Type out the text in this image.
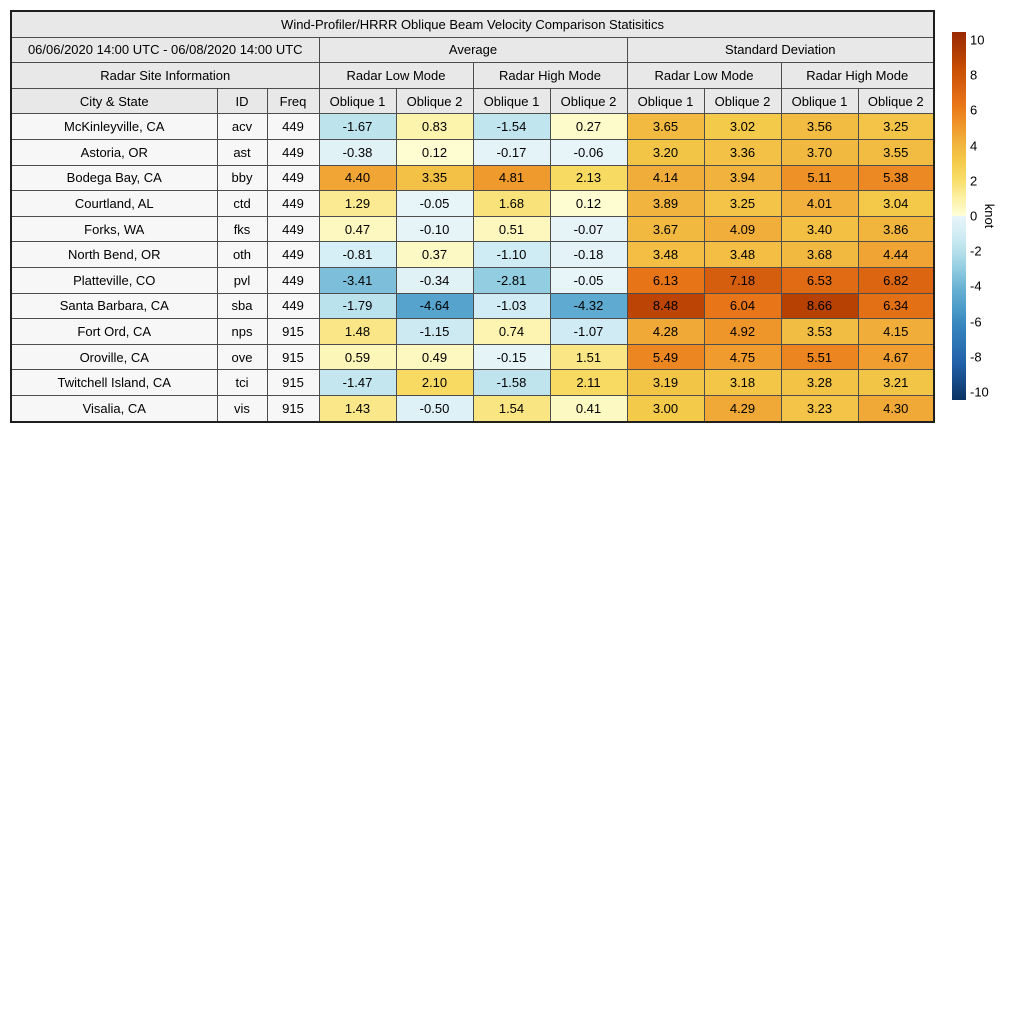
Wind-Profiler/HRRR Oblique Beam Velocity Comparison Statisitics										
06/06/2020 14:00 UTC - 06/08/2020 14:00 UTC			Average				Standard Deviation			
Radar Site Information			Radar Low Mode		Radar High Mode		Radar Low Mode		Radar High Mode	
City & State	ID	Freq	Oblique 1	Oblique 2	Oblique 1	Oblique 2	Oblique 1	Oblique 2	Oblique 1	Oblique 2
McKinleyville, CA	acv	449	-1.67	0.83	-1.54	0.27	3.65	3.02	3.56	3.25
Astoria, OR	ast	449	-0.38	0.12	-0.17	-0.06	3.20	3.36	3.70	3.55
Bodega Bay, CA	bby	449	4.40	3.35	4.81	2.13	4.14	3.94	5.11	5.38
Courtland, AL	ctd	449	1.29	-0.05	1.68	0.12	3.89	3.25	4.01	3.04
Forks, WA	fks	449	0.47	-0.10	0.51	-0.07	3.67	4.09	3.40	3.86
North Bend, OR	oth	449	-0.81	0.37	-1.10	-0.18	3.48	3.48	3.68	4.44
Platteville, CO	pvl	449	-3.41	-0.34	-2.81	-0.05	6.13	7.18	6.53	6.82
Santa Barbara, CA	sba	449	-1.79	-4.64	-1.03	-4.32	8.48	6.04	8.66	6.34
Fort Ord, CA	nps	915	1.48	-1.15	0.74	-1.07	4.28	4.92	3.53	4.15
Oroville, CA	ove	915	0.59	0.49	-0.15	1.51	5.49	4.75	5.51	4.67
Twitchell Island, CA	tci	915	-1.47	2.10	-1.58	2.11	3.19	3.18	3.28	3.21
Visalia, CA	vis	915	1.43	-0.50	1.54	0.41	3.00	4.29	3.23	4.30
10
8
6
4
2
0
-2
-4
-6
-8
-10
knot
